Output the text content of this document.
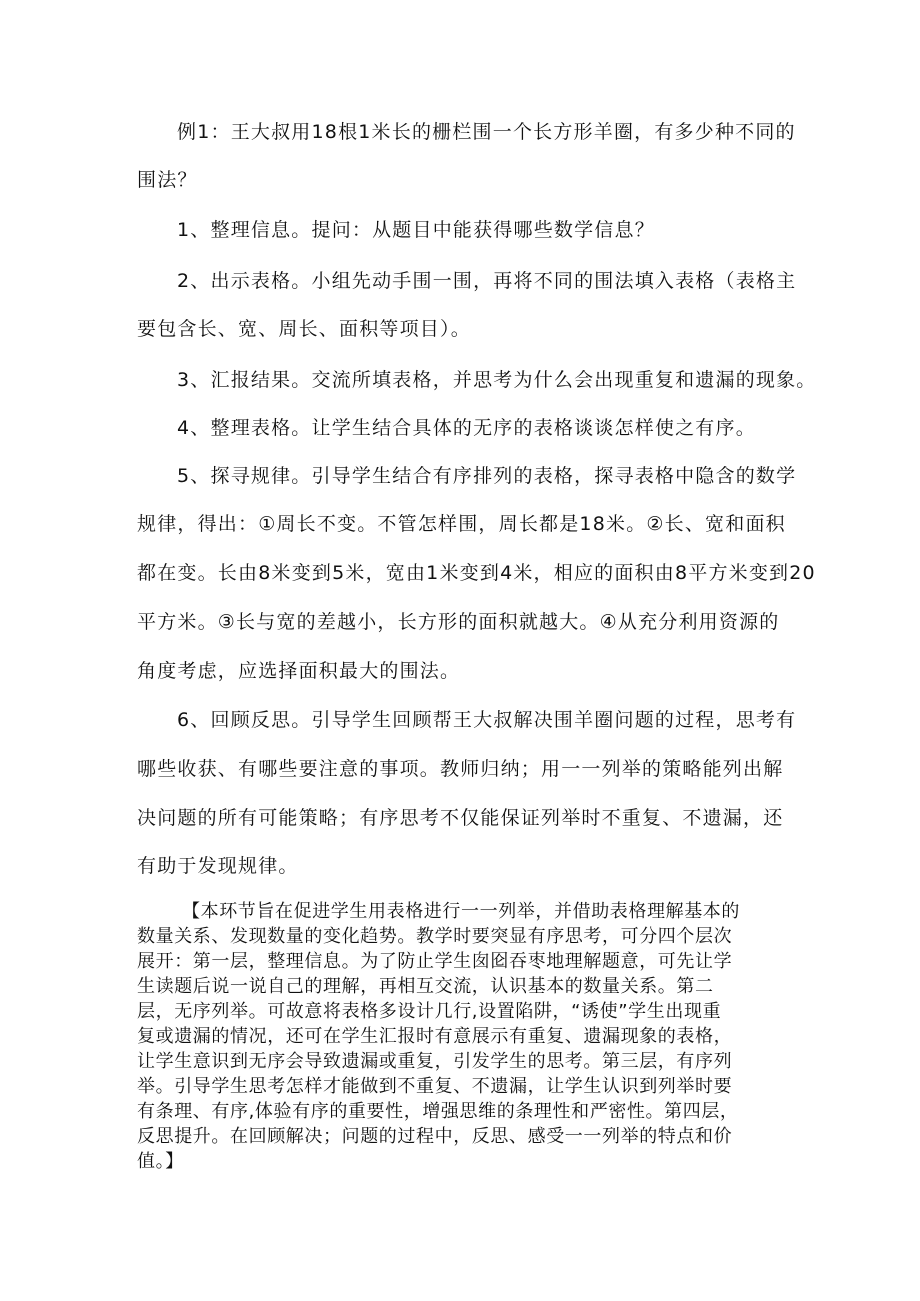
例1：王大叔用18根1米长的栅栏围一个长方形羊圈，有多少种不同的

围法？

1、整理信息。提问：从题目中能获得哪些数学信息？

2、出示表格。小组先动手围一围，再将不同的围法填入表格（表格主

要包含长、宽、周长、面积等项目）。

3、汇报结果。交流所填表格，并思考为什么会出现重复和遗漏的现象。

4、整理表格。让学生结合具体的无序的表格谈谈怎样使之有序。

5、探寻规律。引导学生结合有序排列的表格，探寻表格中隐含的数学

规律，得出：①周长不变。不管怎样围，周长都是18米。②长、宽和面积

都在变。长由8米变到5米，宽由1米变到4米，相应的面积由8平方米变到20

平方米。③长与宽的差越小，长方形的面积就越大。④从充分利用资源的

角度考虑，应选择面积最大的围法。

6、回顾反思。引导学生回顾帮王大叔解决围羊圈问题的过程，思考有

哪些收获、有哪些要注意的事项。教师归纳；用一一列举的策略能列出解

决问题的所有可能策略；有序思考不仅能保证列举时不重复、不遗漏，还

有助于发现规律。

【本环节旨在促进学生用表格进行一一列举，并借助表格理解基本的

数量关系、发现数量的变化趋势。教学时要突显有序思考，可分四个层次

展开：第一层，整理信息。为了防止学生囱囵吞枣地理解题意，可先让学

生读题后说一说自己的理解，再相互交流，认识基本的数量关系。第二

层，无序列举。可故意将表格多设计几行,设置陷阱，“诱使”学生出现重

复或遗漏的情况，还可在学生汇报时有意展示有重复、遗漏现象的表格，

让学生意识到无序会导致遗漏或重复，引发学生的思考。第三层，有序列

举。引导学生思考怎样才能做到不重复、不遗漏，让学生认识到列举时要

有条理、有序,体验有序的重要性，增强思维的条理性和严密性。第四层，

反思提升。在回顾解决；问题的过程中，反思、感受一一列举的特点和价

值。】
